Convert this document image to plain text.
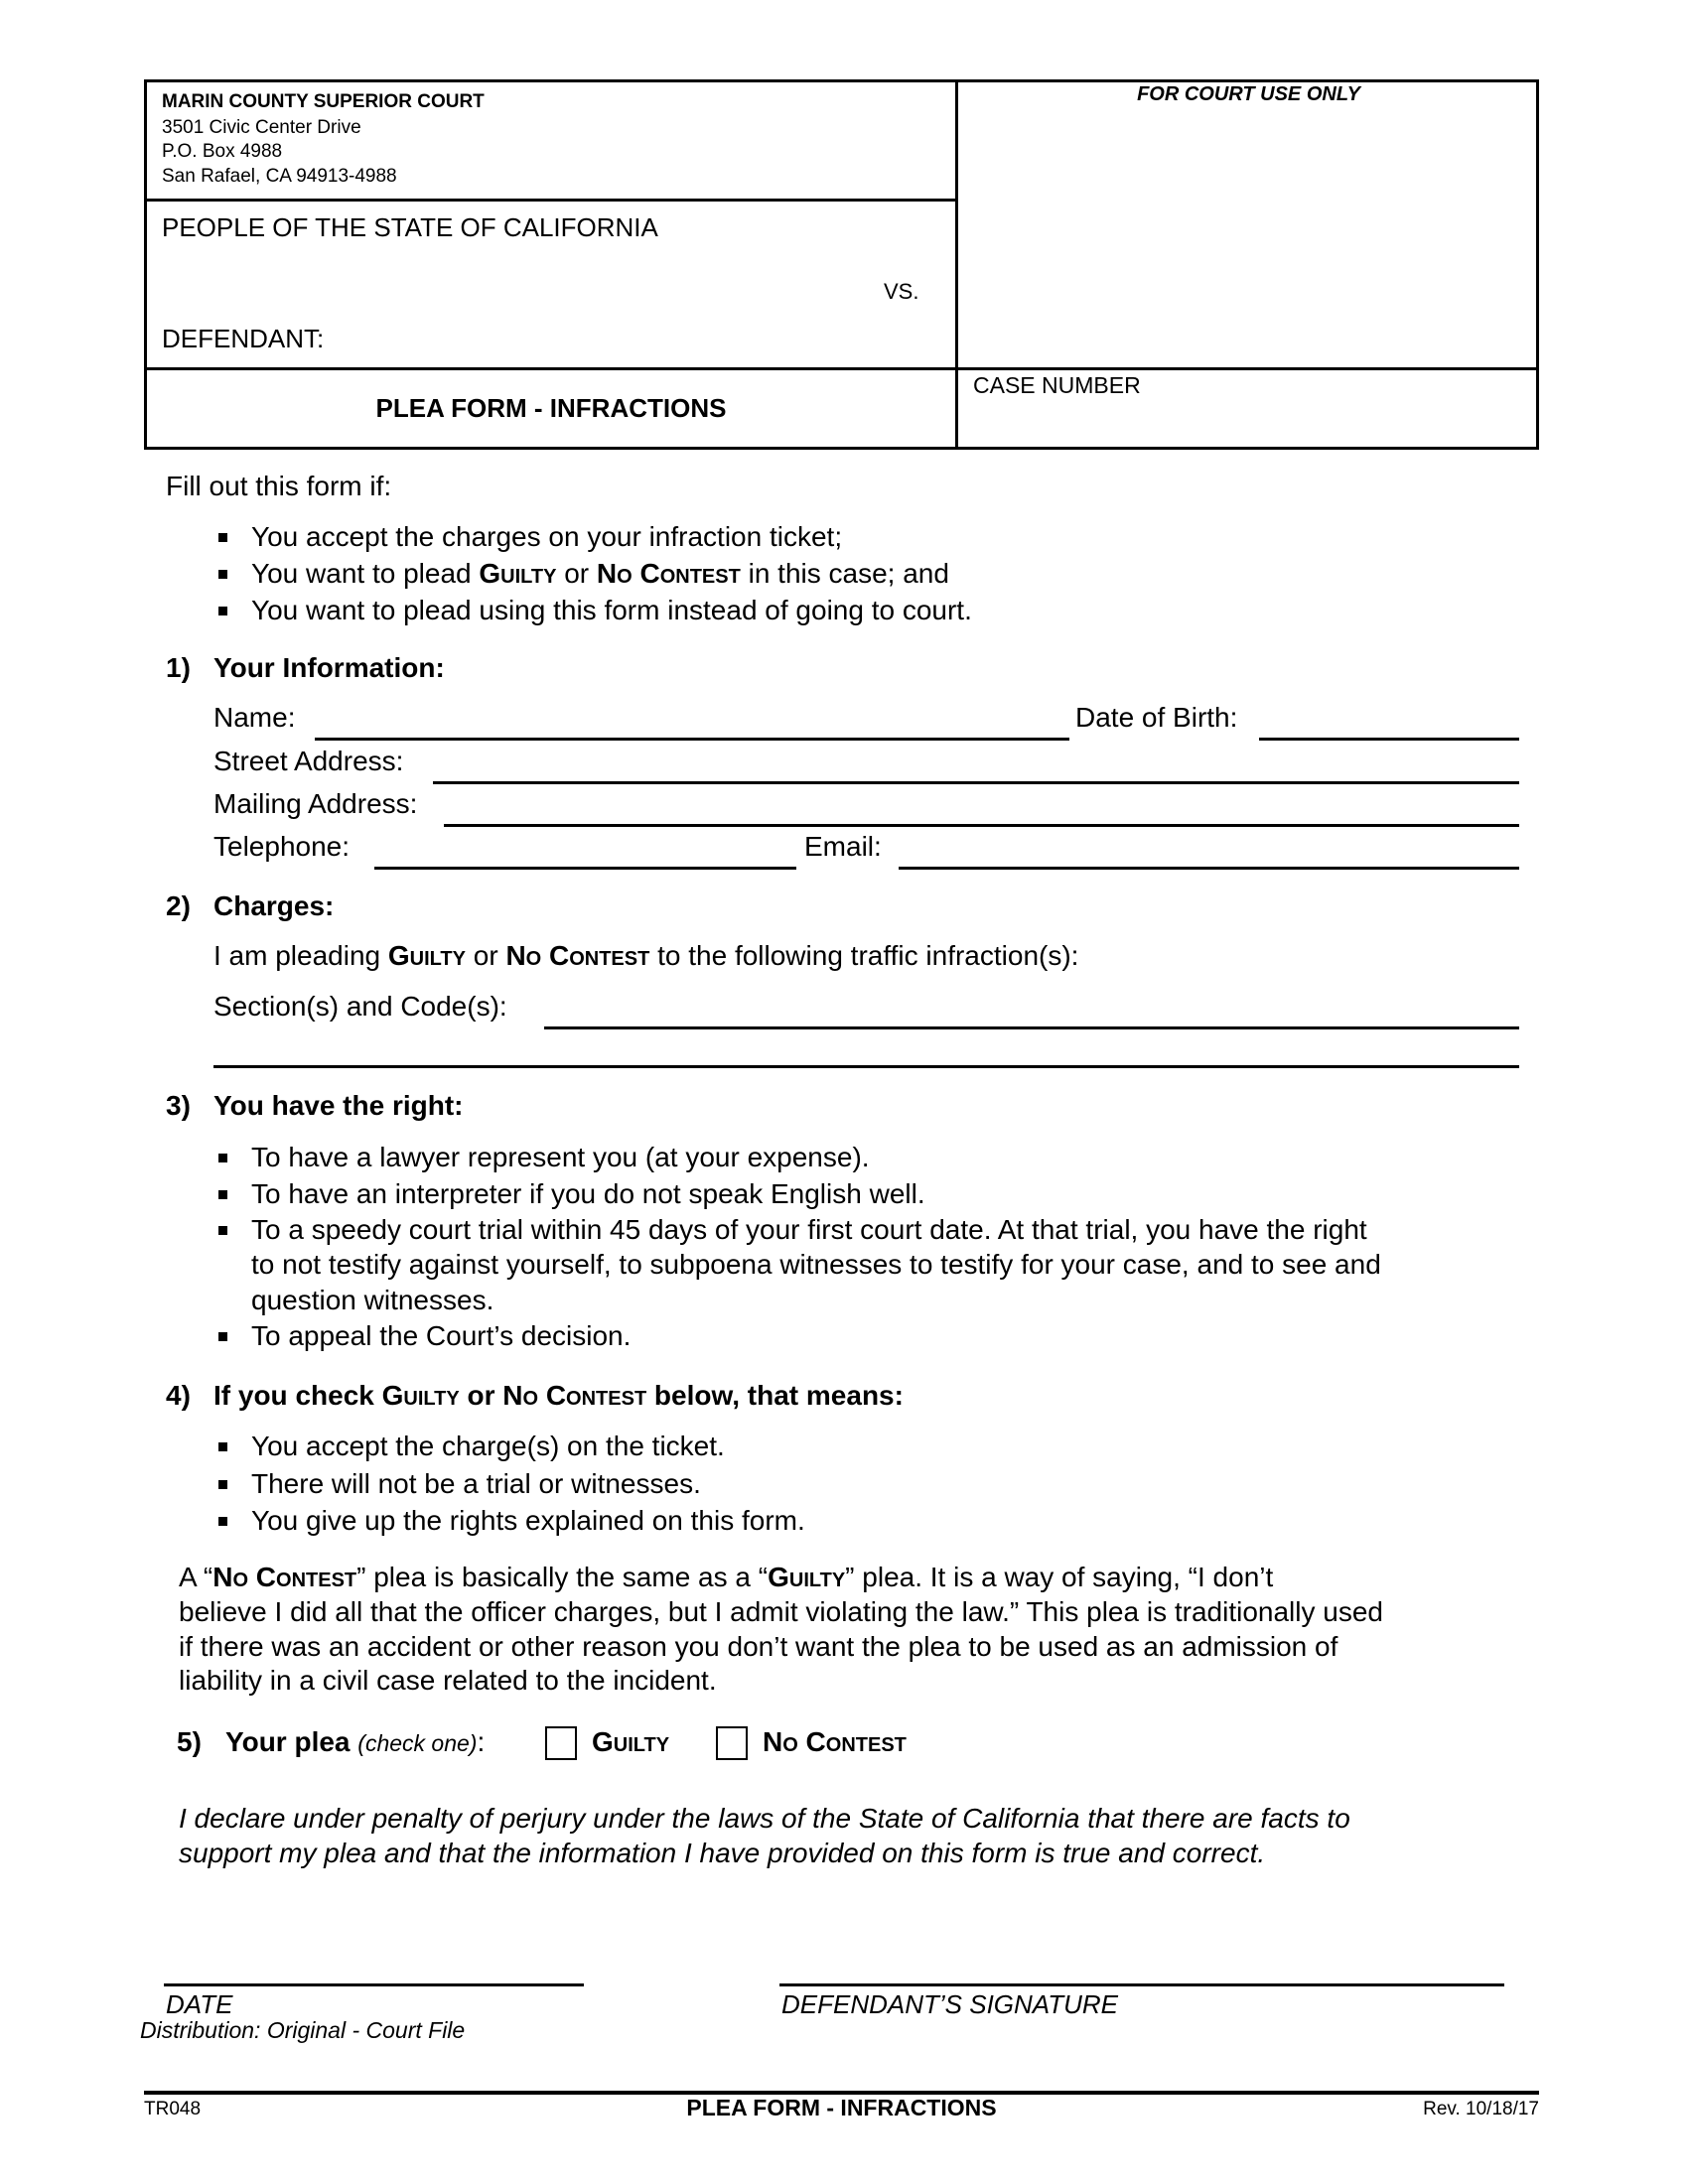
MARIN COUNTY SUPERIOR COURT
3501 Civic Center Drive
P.O. Box 4988
San Rafael, CA 94913-4988
PEOPLE OF THE STATE OF CALIFORNIA
VS.
DEFENDANT:
PLEA FORM - INFRACTIONS
FOR COURT USE ONLY
CASE NUMBER
Fill out this form if:
You accept the charges on your infraction ticket;
You want to plead Guilty or No Contest in this case; and
You want to plead using this form instead of going to court.
1) Your Information:
Name:	Date of Birth:
Street Address:
Mailing Address:
Telephone:	Email:
2) Charges:
I am pleading Guilty or No Contest to the following traffic infraction(s):
Section(s) and Code(s):
3) You have the right:
To have a lawyer represent you (at your expense).
To have an interpreter if you do not speak English well.
To a speedy court trial within 45 days of your first court date. At that trial, you have the right
to not testify against yourself, to subpoena witnesses to testify for your case, and to see and
question witnesses.
To appeal the Court’s decision.
4) If you check Guilty or No Contest below, that means:
You accept the charge(s) on the ticket.
There will not be a trial or witnesses.
You give up the rights explained on this form.
A “No Contest” plea is basically the same as a “Guilty” plea. It is a way of saying, “I don’t
believe I did all that the officer charges, but I admit violating the law.” This plea is traditionally used
if there was an accident or other reason you don’t want the plea to be used as an admission of
liability in a civil case related to the incident.
5) Your plea (check one):	Guilty	No Contest
I declare under penalty of perjury under the laws of the State of California that there are facts to
support my plea and that the information I have provided on this form is true and correct.
DATE	DEFENDANT’S SIGNATURE
Distribution: Original - Court File
TR048	PLEA FORM - INFRACTIONS	Rev. 10/18/17
